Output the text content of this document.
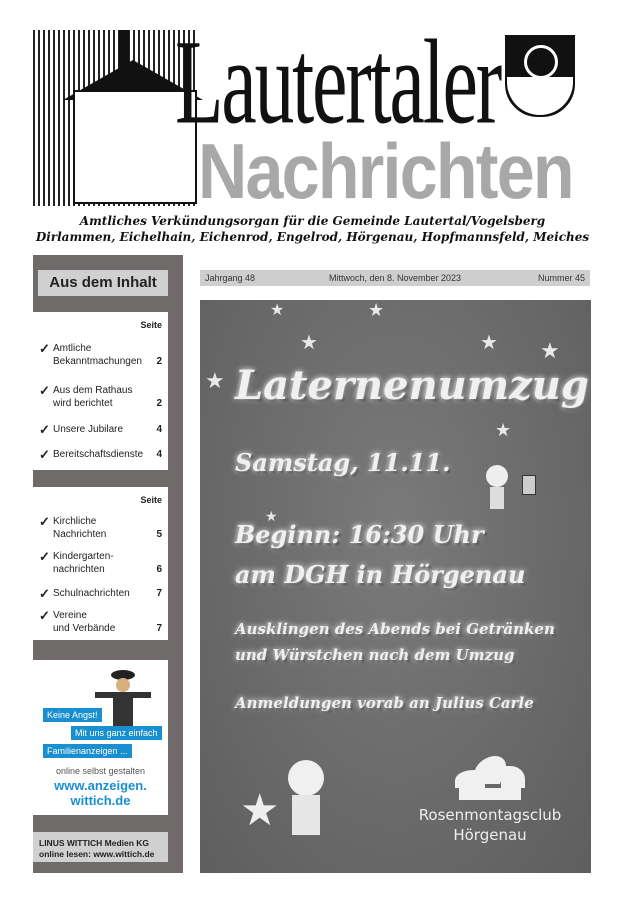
Lautertaler
Nachrichten
Amtliches Verkündungsorgan für die Gemeinde Lautertal/Vogelsberg
Dirlammen, Eichelhain, Eichenrod, Engelrod, Hörgenau, Hopfmannsfeld, Meiches
Aus dem Inhalt
Seite
✓ Amtliche
Bekanntmachungen	2
✓ Aus dem Rathaus
wird berichtet	2
✓ Unsere Jubilare	4
✓ Bereitschaftsdienste	4
Seite
✓ Kirchliche
Nachrichten	5
✓ Kindergarten-
nachrichten	6
✓ Schulnachrichten	7
✓ Vereine
und Verbände	7
Keine Angst!
Mit uns ganz einfach
Familienanzeigen ...
online selbst gestalten
www.anzeigen.
wittich.de
LINUS WITTICH Medien KG
online lesen: www.wittich.de
Jahrgang 48	Mittwoch, den 8. November 2023	Nummer 45
★	★
★	★ ★
★
★
★
Laternenumzug
Samstag, 11.11.
Beginn: 16:30 Uhr
am DGH in Hörgenau
Ausklingen des Abends bei Getränken
und Würstchen nach dem Umzug
Anmeldungen vorab an Julius Carle
★	Rosenmontagsclub
Hörgenau
